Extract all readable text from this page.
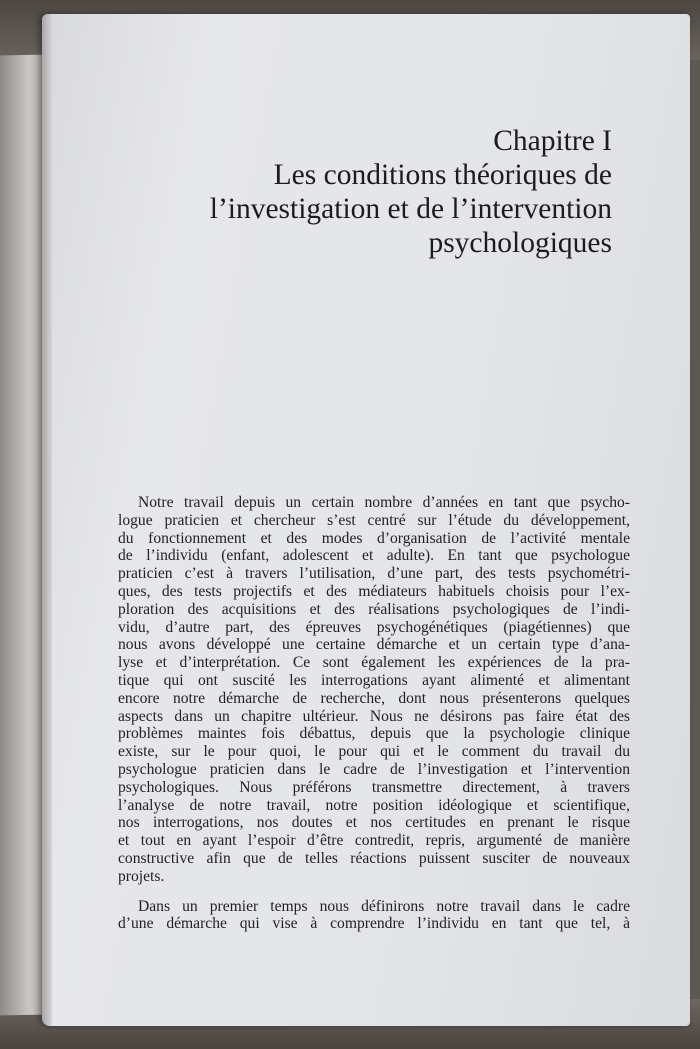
Chapitre I
Les conditions théoriques de
l’investigation et de l’intervention
psychologiques
Notre travail depuis un certain nombre d’années en tant que psycho-
logue praticien et chercheur s’est centré sur l’étude du développement,
du fonctionnement et des modes d’organisation de l’activité mentale
de l’individu (enfant, adolescent et adulte). En tant que psychologue
praticien c’est à travers l’utilisation, d’une part, des tests psychométri-
ques, des tests projectifs et des médiateurs habituels choisis pour l’ex-
ploration des acquisitions et des réalisations psychologiques de l’indi-
vidu, d’autre part, des épreuves psychogénétiques (piagétiennes) que
nous avons développé une certaine démarche et un certain type d’ana-
lyse et d’interprétation. Ce sont également les expériences de la pra-
tique qui ont suscité les interrogations ayant alimenté et alimentant
encore notre démarche de recherche, dont nous présenterons quelques
aspects dans un chapitre ultérieur. Nous ne désirons pas faire état des
problèmes maintes fois débattus, depuis que la psychologie clinique
existe, sur le pour quoi, le pour qui et le comment du travail du
psychologue praticien dans le cadre de l’investigation et l’intervention
psychologiques. Nous préférons transmettre directement, à travers
l’analyse de notre travail, notre position idéologique et scientifique,
nos interrogations, nos doutes et nos certitudes en prenant le risque
et tout en ayant l’espoir d’être contredit, repris, argumenté de manière
constructive afin que de telles réactions puissent susciter de nouveaux
projets.
Dans un premier temps nous définirons notre travail dans le cadre
d’une démarche qui vise à comprendre l’individu en tant que tel, à
